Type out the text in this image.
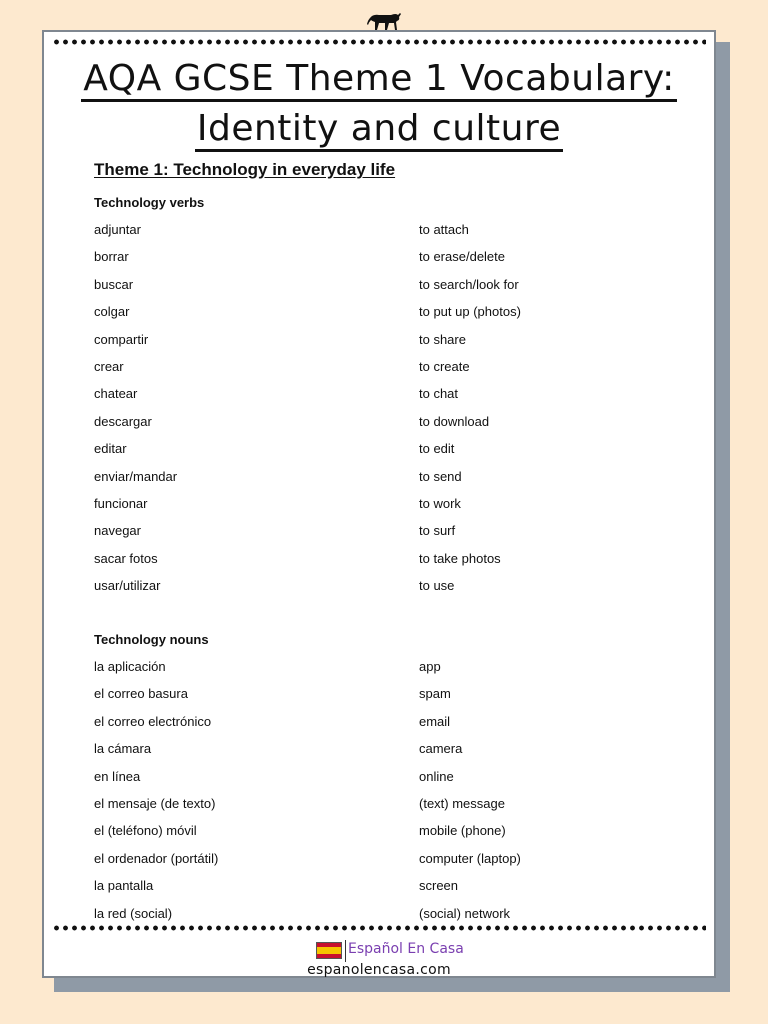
AQA GCSE Theme 1 Vocabulary:
Identity and culture
Theme 1: Technology in everyday life
Technology verbs
adjuntar	to attach
borrar	to erase/delete
buscar	to search/look for
colgar	to put up (photos)
compartir	to share
crear	to create
chatear	to chat
descargar	to download
editar	to edit
enviar/mandar	to send
funcionar	to work
navegar	to surf
sacar fotos	to take photos
usar/utilizar	to use
Technology nouns
la aplicación	app
el correo basura	spam
el correo electrónico	email
la cámara	camera
en línea	online
el mensaje (de texto)	(text) message
el (teléfono) móvil	mobile (phone)
el ordenador (portátil)	computer (laptop)
la pantalla	screen
la red (social)	(social) network
Español En Casa
espanolencasa.com
